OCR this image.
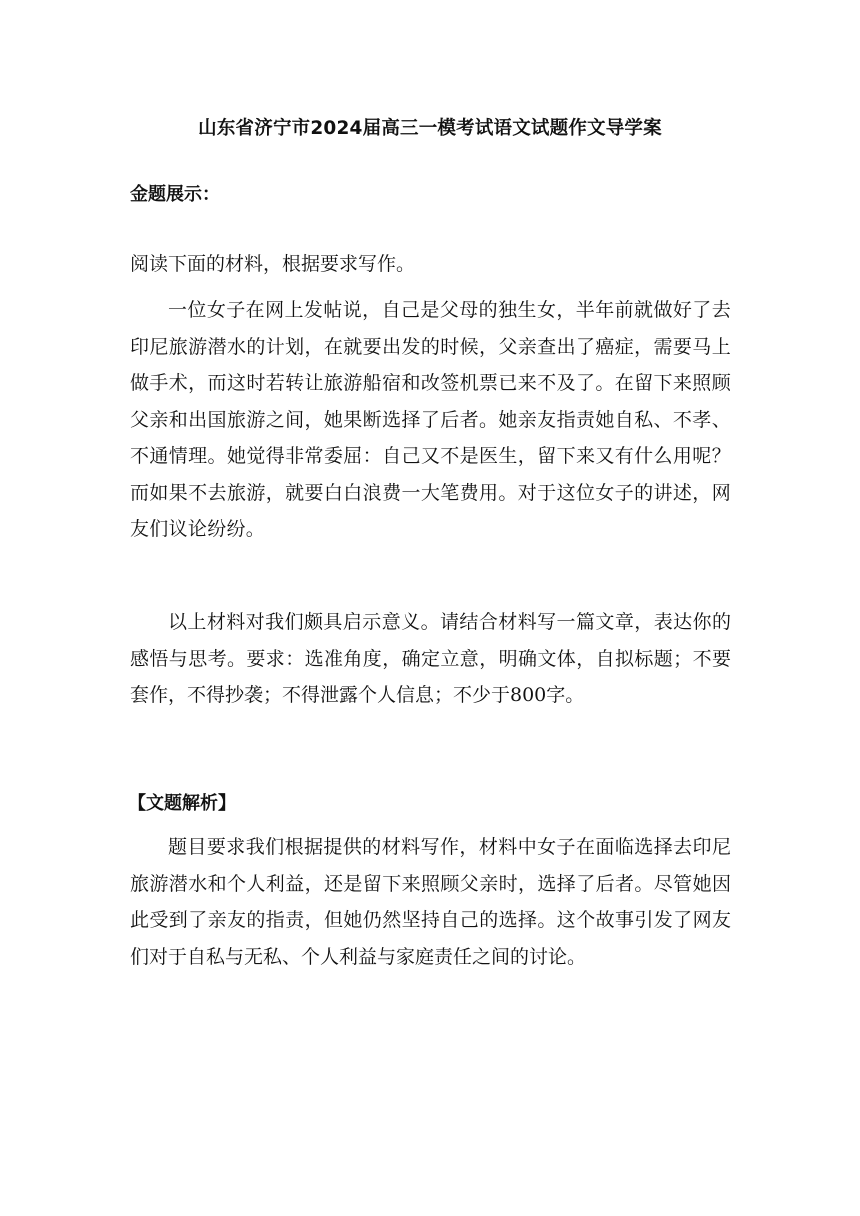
山东省济宁市2024届高三一模考试语文试题作文导学案
金题展示：

阅读下面的材料，根据要求写作。

一位女子在网上发帖说，自己是父母的独生女，半年前就做好了去印尼旅游潜水的计划，在就要出发的时候，父亲查出了癌症，需要马上做手术，而这时若转让旅游船宿和改签机票已来不及了。在留下来照顾父亲和出国旅游之间，她果断选择了后者。她亲友指责她自私、不孝、不通情理。她觉得非常委屈：自己又不是医生，留下来又有什么用呢？而如果不去旅游，就要白白浪费一大笔费用。对于这位女子的讲述，网友们议论纷纷。

以上材料对我们颇具启示意义。请结合材料写一篇文章，表达你的感悟与思考。要求：选准角度，确定立意，明确文体，自拟标题；不要套作，不得抄袭；不得泄露个人信息；不少于800字。

【文题解析】

题目要求我们根据提供的材料写作，材料中女子在面临选择去印尼旅游潜水和个人利益，还是留下来照顾父亲时，选择了后者。尽管她因此受到了亲友的指责，但她仍然坚持自己的选择。这个故事引发了网友们对于自私与无私、个人利益与家庭责任之间的讨论。
